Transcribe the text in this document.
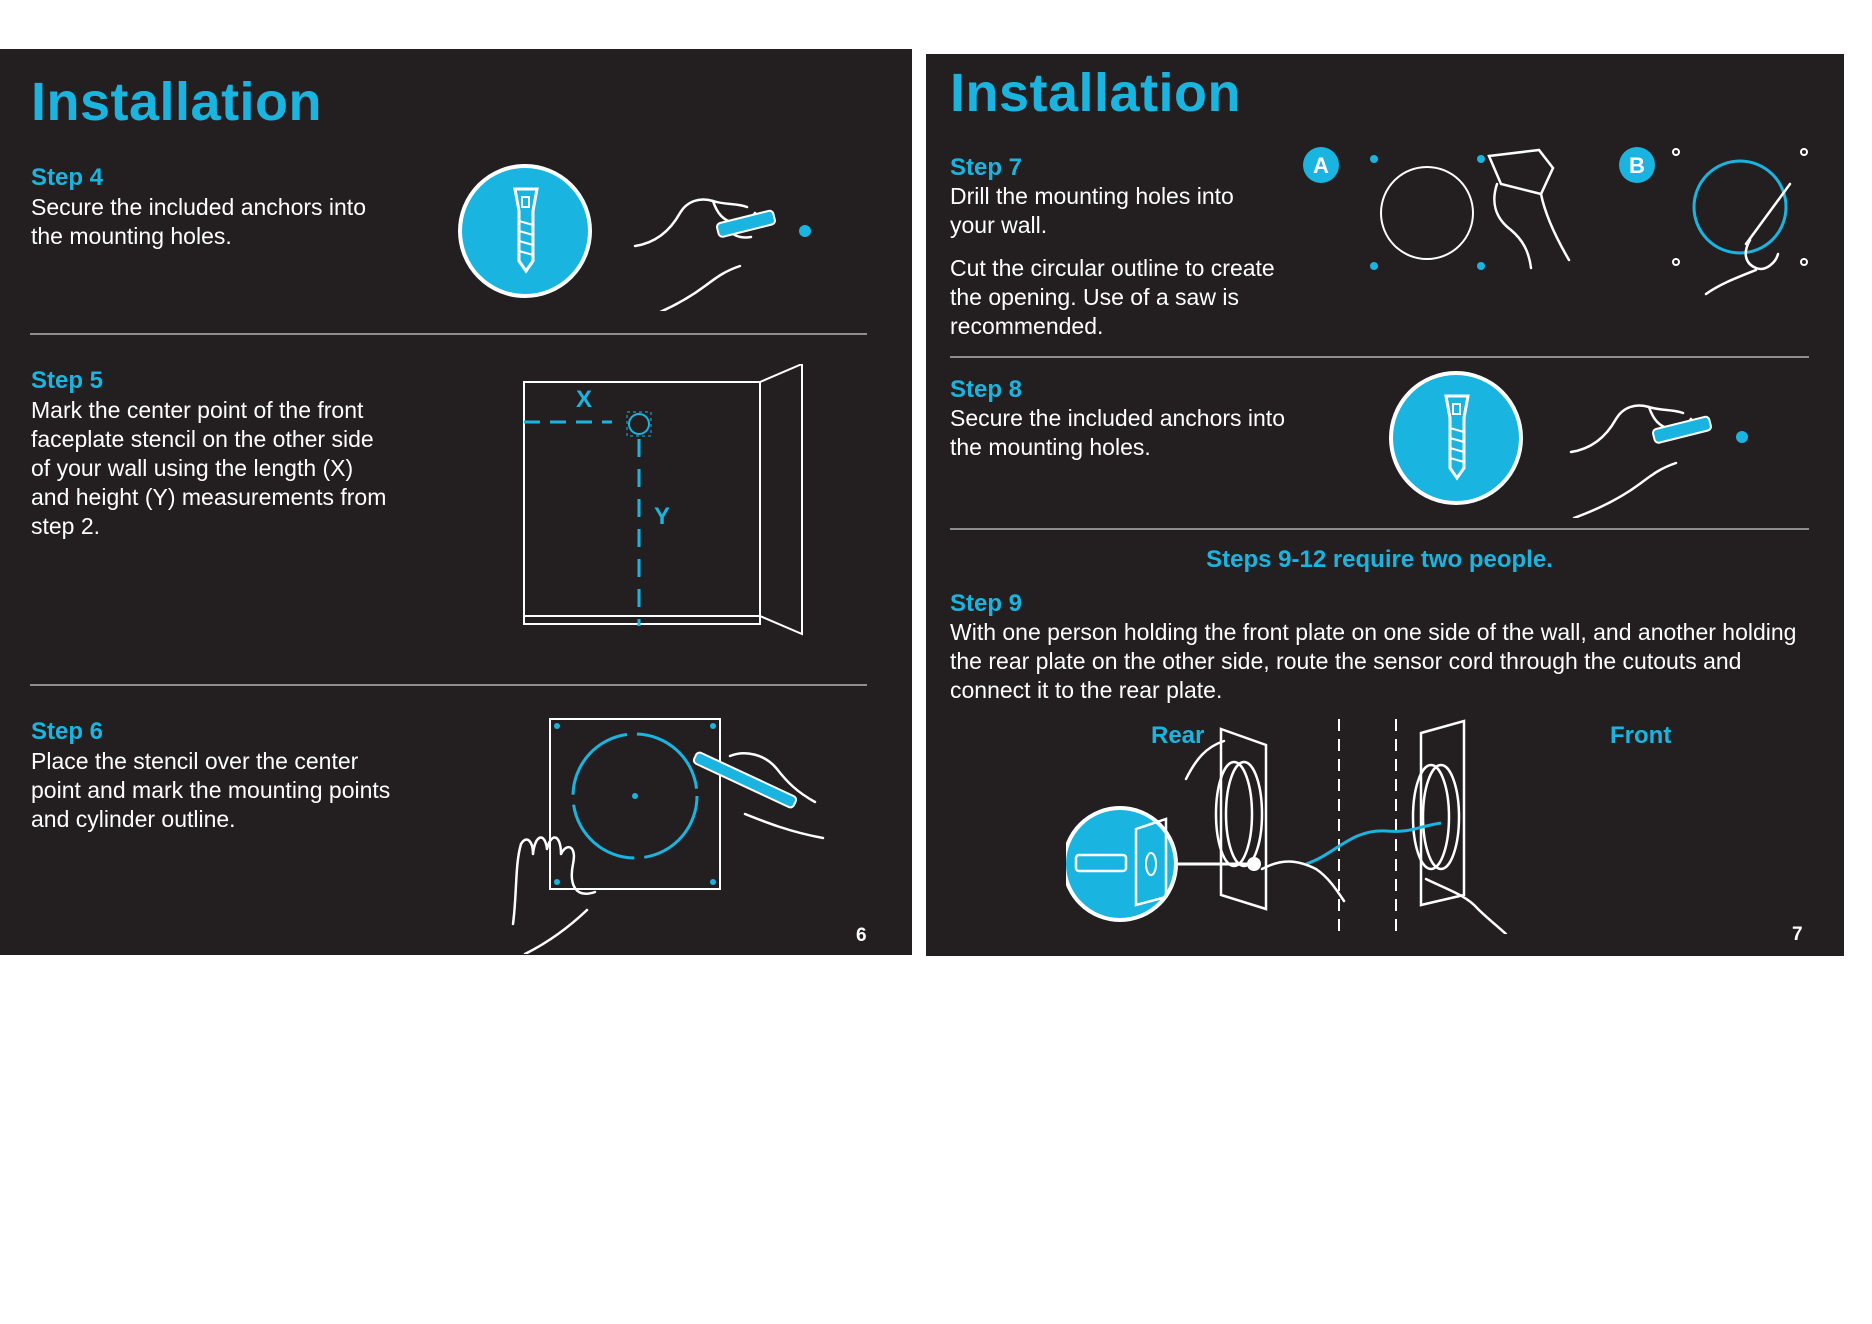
Installation
Step 4

Secure the included anchors into the mounting holes.

Step 5

Mark the center point of the front faceplate stencil on the other side of your wall using the length (X) and height (Y) measurements from step 2.

X
Y
Step 6

Place the stencil over the center point and mark the mounting points and cylinder outline.

6
Installation
Step 7

Drill the mounting holes into your wall.

Cut the circular outline to create the opening. Use of a saw is recommended.

A	B
Step 8

Secure the included anchors into the mounting holes.

Steps 9-12 require two people.
Step 9

With one person holding the front plate on one side of the wall, and another holding the rear plate on the other side, route the sensor cord through the cutouts and connect it to the rear plate.

Rear	Front
7
